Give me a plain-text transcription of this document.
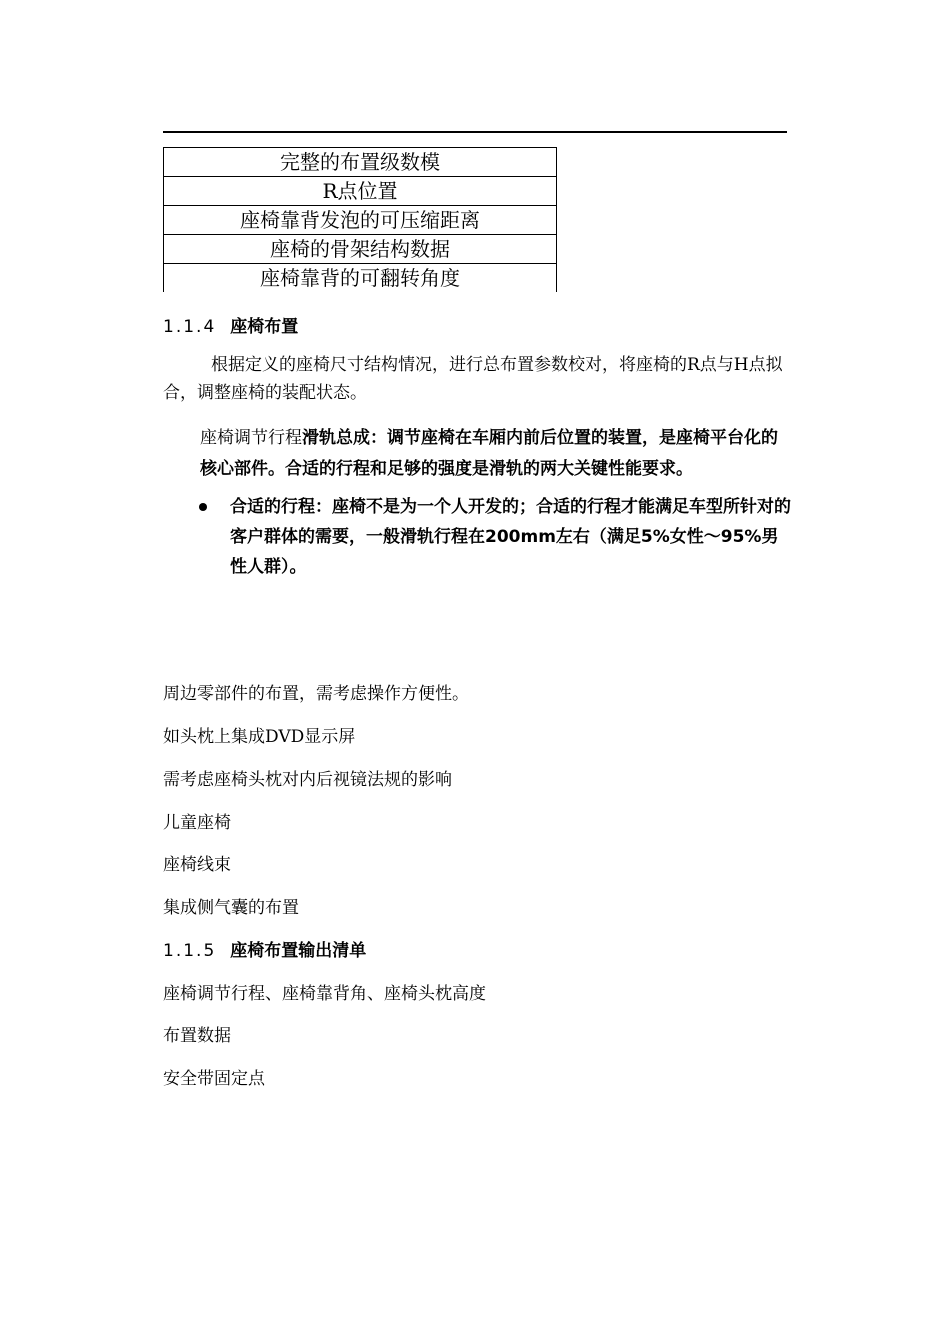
完整的布置级数模
R点位置
座椅靠背发泡的可压缩距离
座椅的骨架结构数据
座椅靠背的可翻转角度
1.1.4 座椅布置
根据定义的座椅尺寸结构情况，进行总布置参数校对，将座椅的R点与H点拟合，调整座椅的装配状态。
座椅调节行程滑轨总成：调节座椅在车厢内前后位置的装置，是座椅平台化的核心部件。合适的行程和足够的强度是滑轨的两大关键性能要求。
合适的行程：座椅不是为一个人开发的；合适的行程才能满足车型所针对的客户群体的需要，一般滑轨行程在200mm左右（满足5%女性～95%男性人群）。
周边零部件的布置，需考虑操作方便性。
如头枕上集成DVD显示屏
需考虑座椅头枕对内后视镜法规的影响
儿童座椅
座椅线束
集成侧气囊的布置
1.1.5 座椅布置输出清单
座椅调节行程、座椅靠背角、座椅头枕高度
布置数据
安全带固定点
